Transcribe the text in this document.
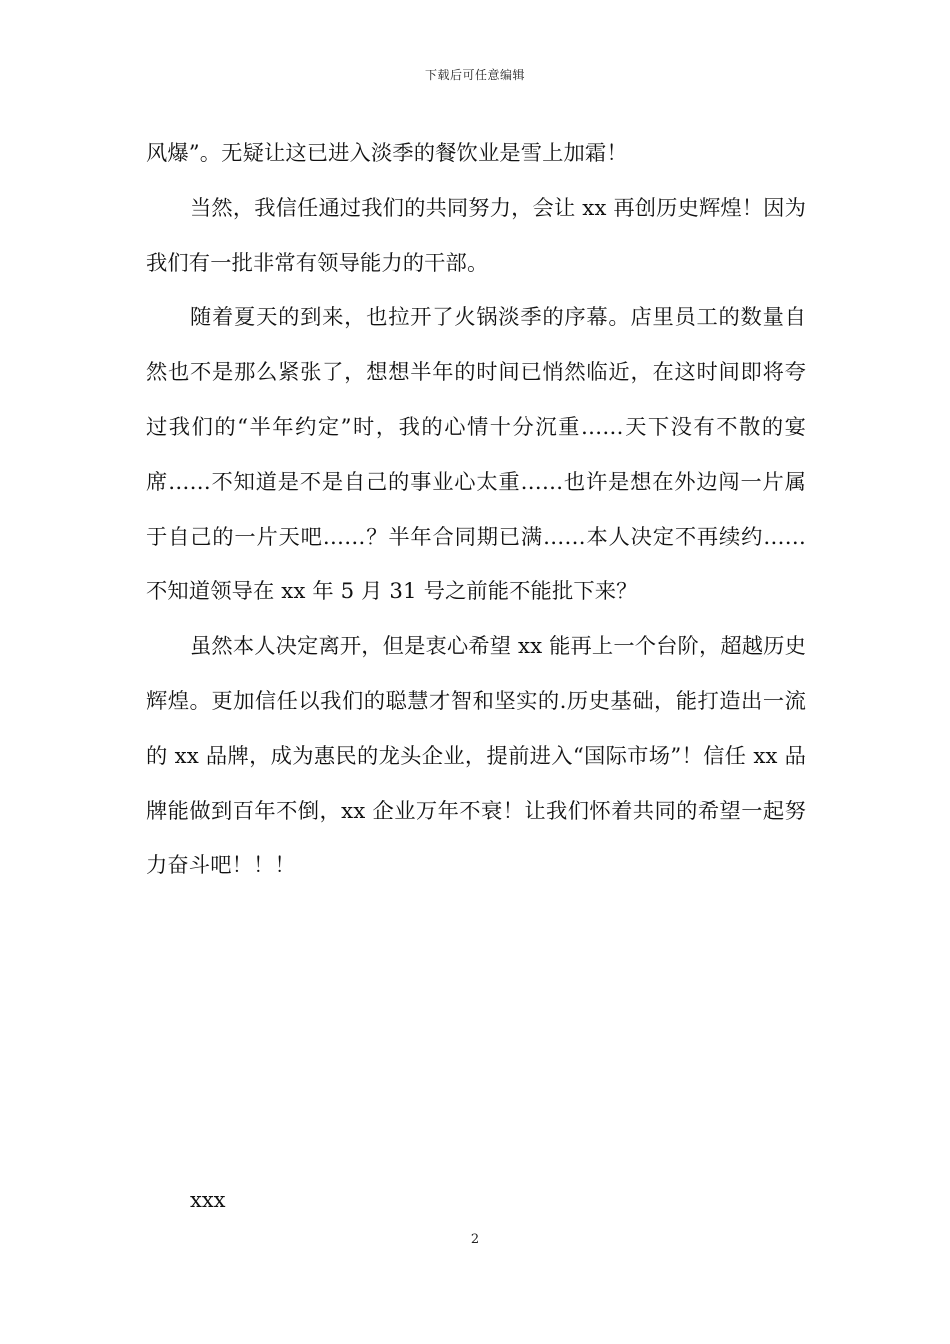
下载后可任意编辑

风爆”。无疑让这已进入淡季的餐饮业是雪上加霜！

当然，我信任通过我们的共同努力，会让 xx 再创历史辉煌！因为我们有一批非常有领导能力的干部。

随着夏天的到来，也拉开了火锅淡季的序幕。店里员工的数量自然也不是那么紧张了，想想半年的时间已悄然临近，在这时间即将夸过我们的“半年约定”时，我的心情十分沉重……天下没有不散的宴席……不知道是不是自己的事业心太重……也许是想在外边闯一片属于自己的一片天吧……？半年合同期已满……本人决定不再续约……不知道领导在 xx 年 5 月 31 号之前能不能批下来？

虽然本人决定离开，但是衷心希望 xx 能再上一个台阶，超越历史辉煌。更加信任以我们的聪慧才智和坚实的.历史基础，能打造出一流的 xx 品牌，成为惠民的龙头企业，提前进入“国际市场”！信任 xx 品牌能做到百年不倒，xx 企业万年不衰！让我们怀着共同的希望一起努力奋斗吧！！！

xxx
2
